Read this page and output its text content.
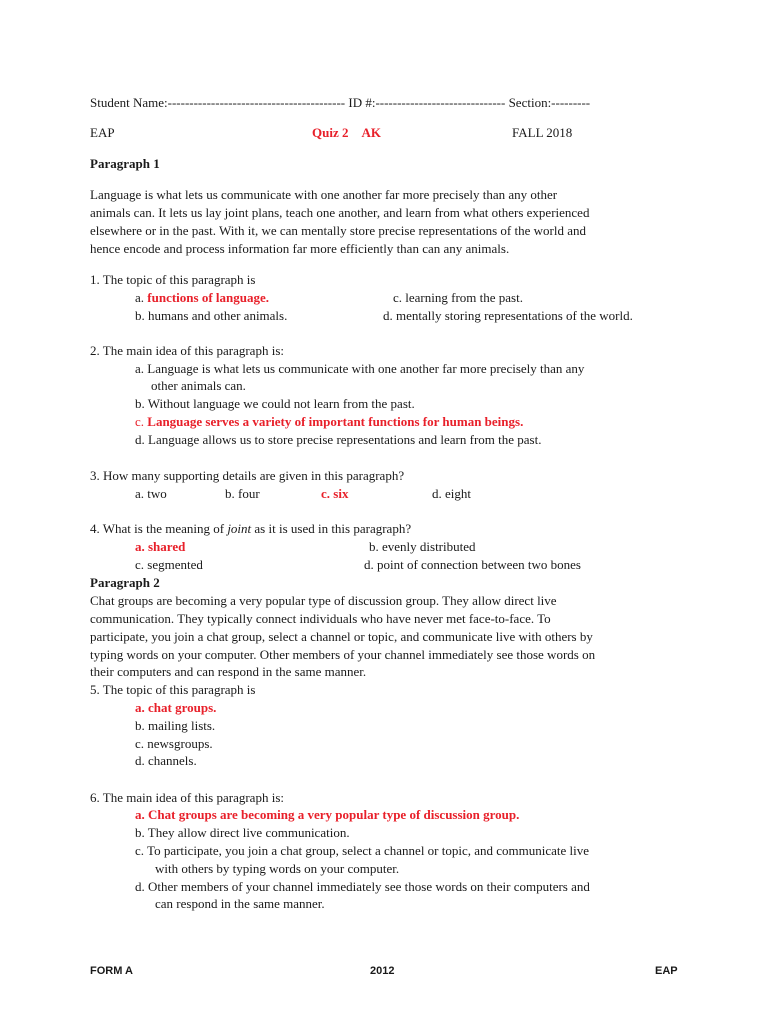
Student Name:----------------------------------------- ID #:------------------------------ Section:---------
EAP	Quiz 2 AK	FALL 2018
Paragraph 1
Language is what lets us communicate with one another far more precisely than any other
animals can. It lets us lay joint plans, teach one another, and learn from what others experienced
elsewhere or in the past. With it, we can mentally store precise representations of the world and
hence encode and process information far more efficiently than can any animals.
1. The topic of this paragraph is
a. functions of language.	c. learning from the past.
b. humans and other animals.	d. mentally storing representations of the world.
2. The main idea of this paragraph is:
a. Language is what lets us communicate with one another far more precisely than any
other animals can.
b. Without language we could not learn from the past.
c. Language serves a variety of important functions for human beings.
d. Language allows us to store precise representations and learn from the past.
3. How many supporting details are given in this paragraph?
a. two	b. four	c. six	d. eight
4. What is the meaning of joint as it is used in this paragraph?
a. shared	b. evenly distributed
c. segmented	d. point of connection between two bones
Paragraph 2
Chat groups are becoming a very popular type of discussion group. They allow direct live
communication. They typically connect individuals who have never met face-to-face. To
participate, you join a chat group, select a channel or topic, and communicate live with others by
typing words on your computer. Other members of your channel immediately see those words on
their computers and can respond in the same manner.
5. The topic of this paragraph is
a. chat groups.
b. mailing lists.
c. newsgroups.
d. channels.
6. The main idea of this paragraph is:
a. Chat groups are becoming a very popular type of discussion group.
b. They allow direct live communication.
c. To participate, you join a chat group, select a channel or topic, and communicate live
with others by typing words on your computer.
d. Other members of your channel immediately see those words on their computers and
can respond in the same manner.
FORM A	2012	EAP
